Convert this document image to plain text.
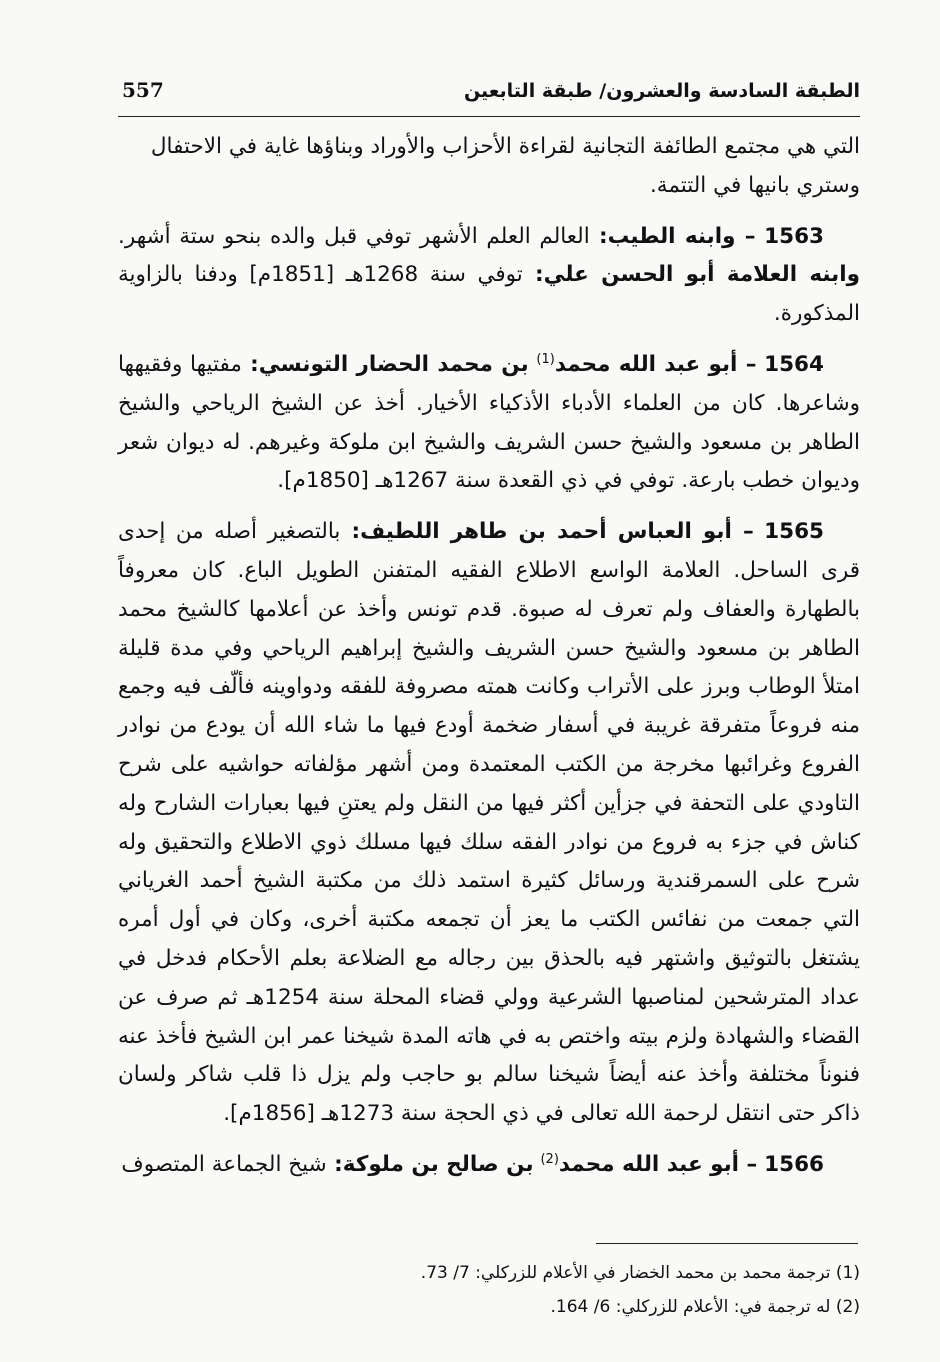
557	الطبقة السادسة والعشرون/ طبقة التابعين

التي هي مجتمع الطائفة التجانية لقراءة الأحزاب والأوراد وبناؤها غاية في الاحتفال
وستري بانيها في التتمة.

1563 – وابنه الطيب: العالم العلم الأشهر توفي قبل والده بنحو ستة أشهر. وابنه العلامة أبو الحسن علي: توفي سنة 1268هـ [1851م] ودفنا بالزاوية المذكورة.

1564 – أبو عبد الله محمد$^{(1)}$ بن محمد الحضار التونسي: مفتيها وفقيهها وشاعرها. كان من العلماء الأدباء الأذكياء الأخيار. أخذ عن الشيخ الرياحي والشيخ الطاهر بن مسعود والشيخ حسن الشريف والشيخ ابن ملوكة وغيرهم. له ديوان شعر وديوان خطب بارعة. توفي في ذي القعدة سنة 1267هـ [1850م].

1565 – أبو العباس أحمد بن طاهر اللطيف: بالتصغير أصله من إحدى قرى الساحل. العلامة الواسع الاطلاع الفقيه المتفنن الطويل الباع. كان معروفاً بالطهارة والعفاف ولم تعرف له صبوة. قدم تونس وأخذ عن أعلامها كالشيخ محمد الطاهر بن مسعود والشيخ حسن الشريف والشيخ إبراهيم الرياحي وفي مدة قليلة امتلأ الوطاب وبرز على الأتراب وكانت همته مصروفة للفقه ودواوينه فألّف فيه وجمع منه فروعاً متفرقة غريبة في أسفار ضخمة أودع فيها ما شاء الله أن يودع من نوادر الفروع وغرائبها مخرجة من الكتب المعتمدة ومن أشهر مؤلفاته حواشيه على شرح التاودي على التحفة في جزأين أكثر فيها من النقل ولم يعتنِ فيها بعبارات الشارح وله كناش في جزء به فروع من نوادر الفقه سلك فيها مسلك ذوي الاطلاع والتحقيق وله شرح على السمرقندية ورسائل كثيرة استمد ذلك من مكتبة الشيخ أحمد الغرياني التي جمعت من نفائس الكتب ما يعز أن تجمعه مكتبة أخرى، وكان في أول أمره يشتغل بالتوثيق واشتهر فيه بالحذق بين رجاله مع الضلاعة بعلم الأحكام فدخل في عداد المترشحين لمناصبها الشرعية وولي قضاء المحلة سنة 1254هـ ثم صرف عن القضاء والشهادة ولزم بيته واختص به في هاته المدة شيخنا عمر ابن الشيخ فأخذ عنه فنوناً مختلفة وأخذ عنه أيضاً شيخنا سالم بو حاجب ولم يزل ذا قلب شاكر ولسان ذاكر حتى انتقل لرحمة الله تعالى في ذي الحجة سنة 1273هـ [1856م].

1566 – أبو عبد الله محمد$^{(2)}$ بن صالح بن ملوكة: شيخ الجماعة المتصوف

(1) ترجمة محمد بن محمد الخضار في الأعلام للزركلي: 7/ 73.
(2) له ترجمة في: الأعلام للزركلي: 6/ 164.
